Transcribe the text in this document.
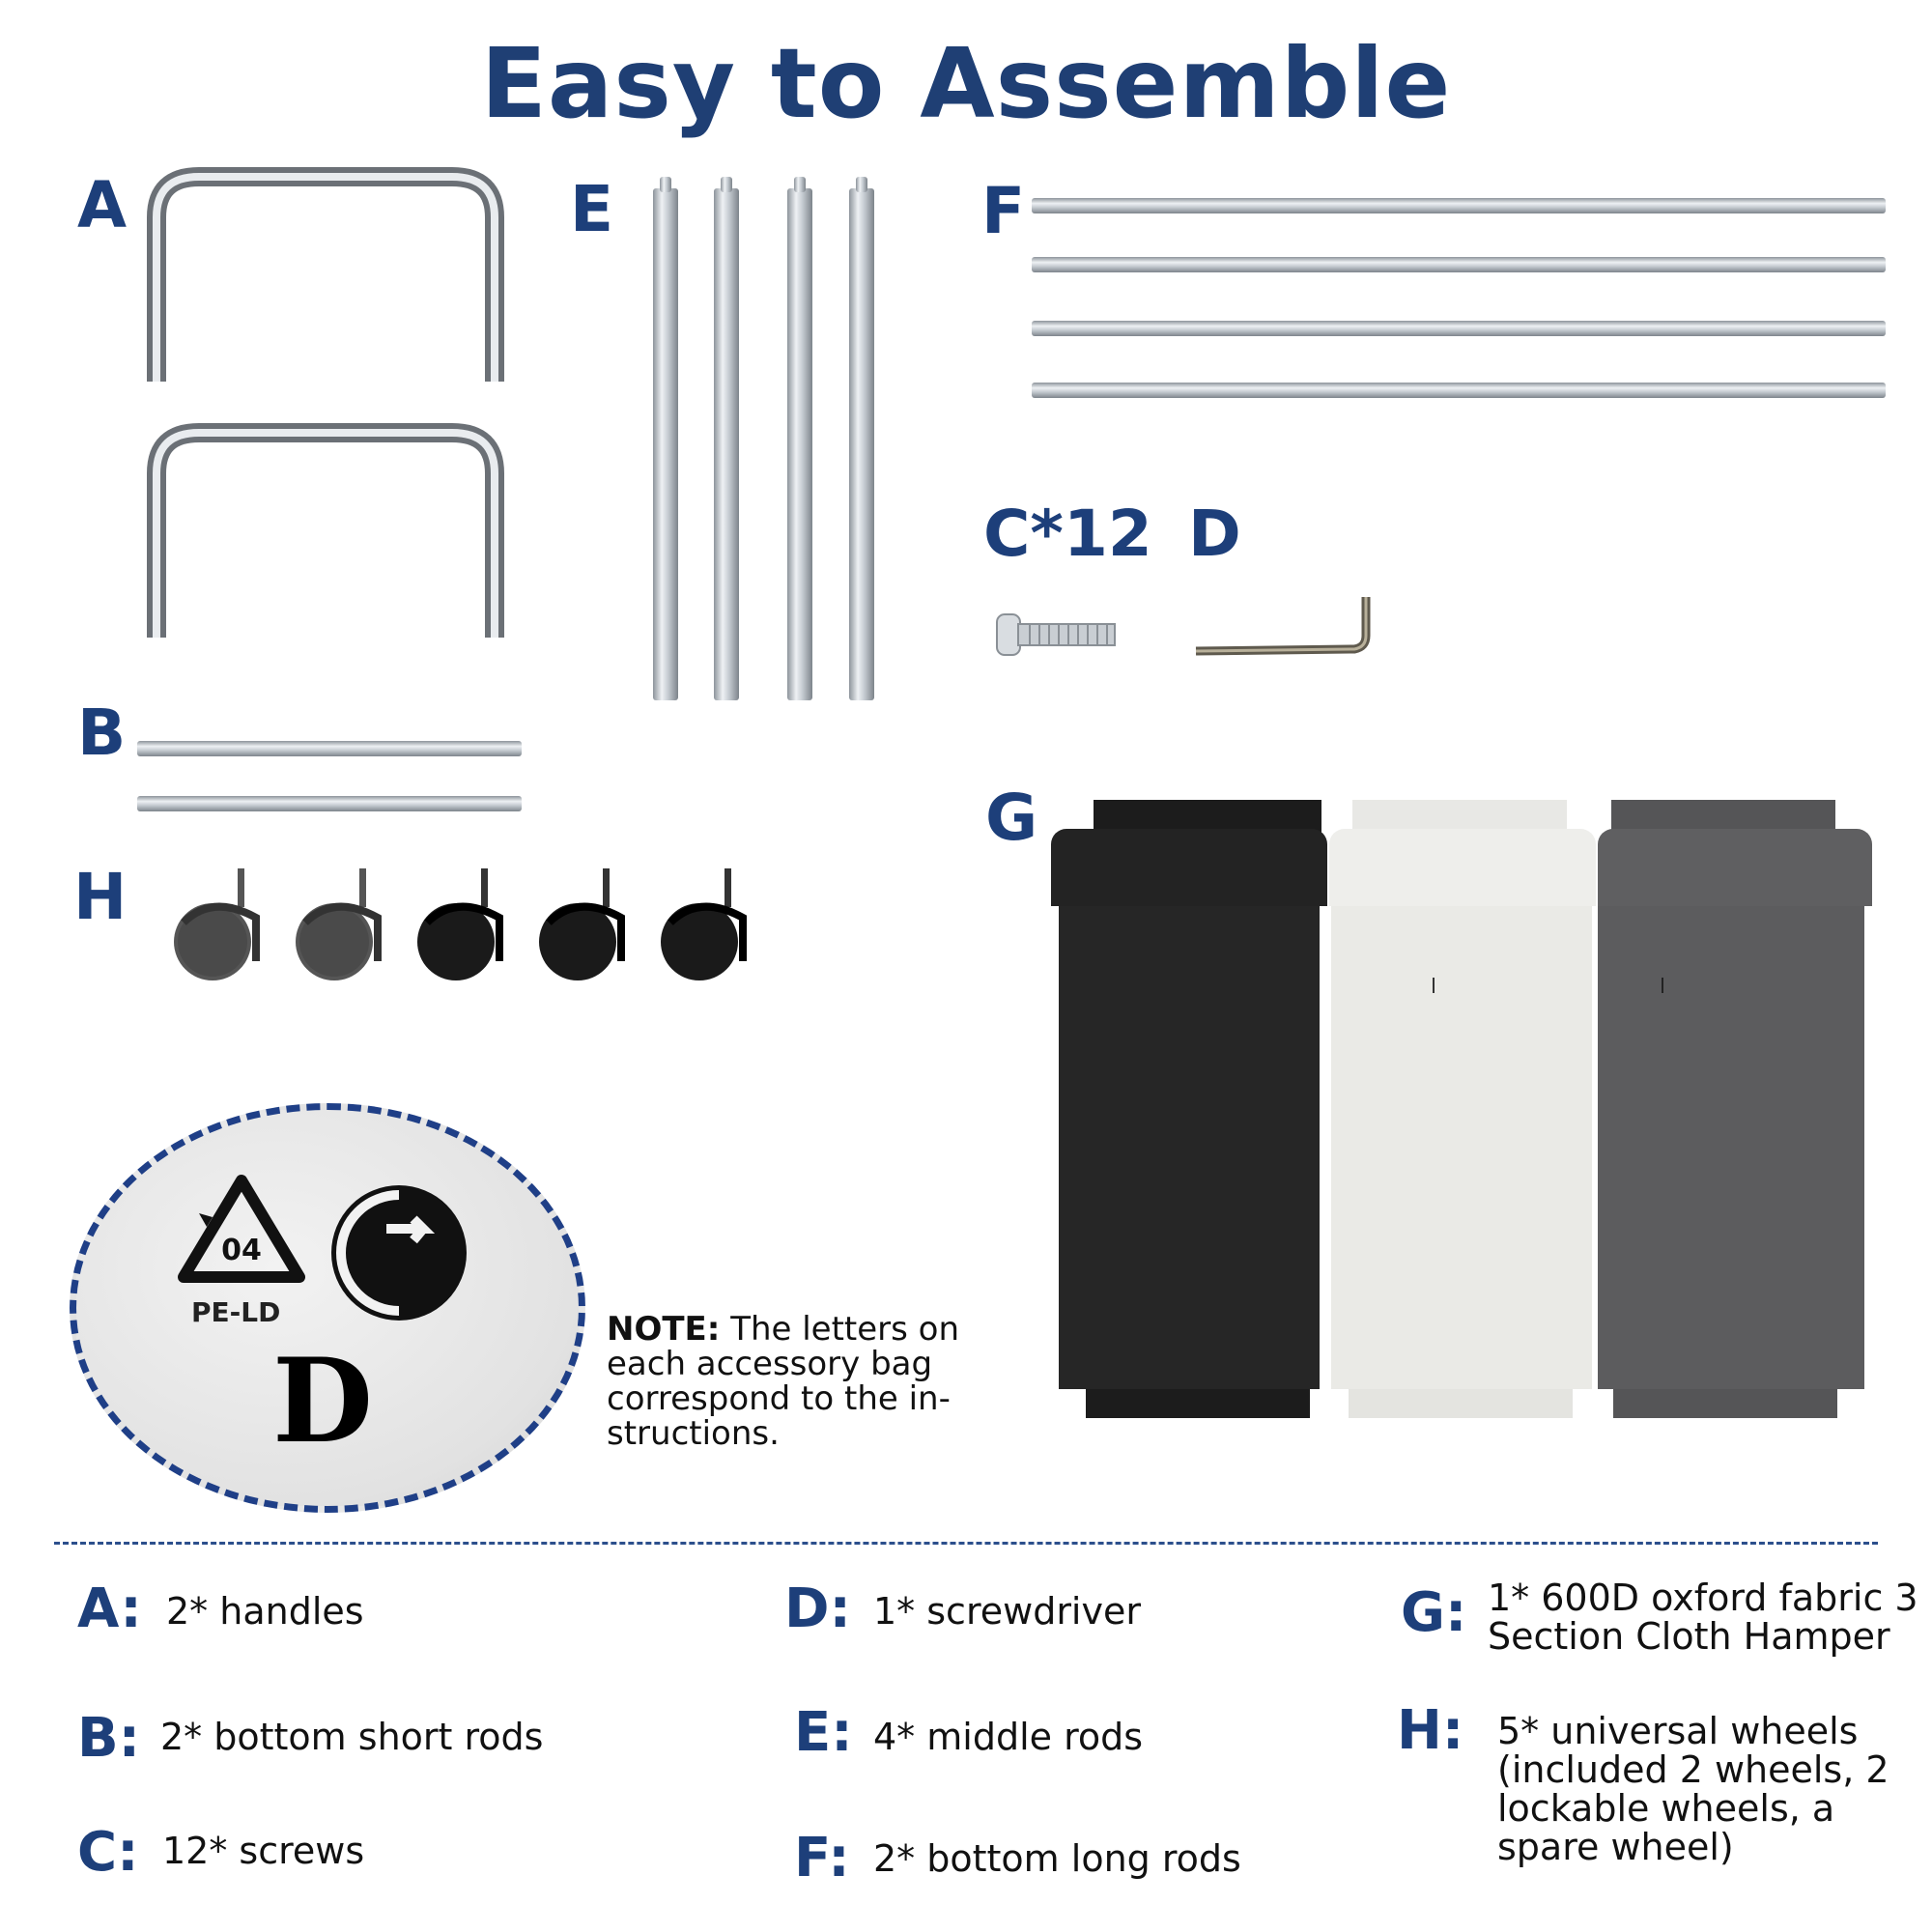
Easy to Assemble
A
B
E	F
C*12 D
G
H
04
PE-LD
D
NOTE: The letters on each accessory bag correspond to the in-structions.
A: 2* handles
B: 2* bottom short rods
C: 12* screws
D: 1* screwdriver
E: 4* middle rods
F: 2* bottom long rods
G: 1* 600D oxford fabric 3 Section Cloth Hamper
H: 5* universal wheels (included 2 wheels, 2 lockable wheels, a spare wheel)
